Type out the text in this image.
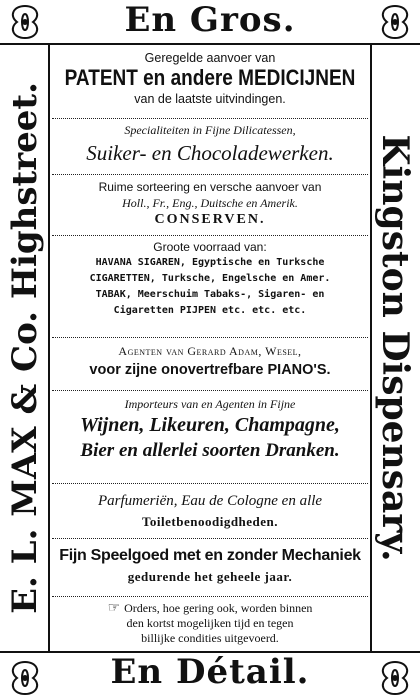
En Gros.
En Détail.
E. L. MAX & Co. Highstreet.	Kingston Dispensary.
Geregelde aanvoer van
PATENT en andere MEDICIJNEN
van de laatste uitvindingen.
Specialiteiten in Fijne Dilicatessen,
Suiker- en Chocoladewerken.
Ruime sorteering en versche aanvoer van
Holl., Fr., Eng., Duitsche en Amerik.
CONSERVEN.
Groote voorraad van:
HAVANA SIGAREN, Egyptische en Turksche
CIGARETTEN, Turksche, Engelsche en Amer.
TABAK, Meerschuim Tabaks-, Sigaren- en
Cigaretten PIJPEN etc. etc. etc.
Agenten van Gerard Adam, Wesel,
voor zijne onovertrefbare PIANO'S.
Importeurs van en Agenten in Fijne
Wijnen, Likeuren, Champagne,
Bier en allerlei soorten Dranken.
Parfumeriën, Eau de Cologne en alle
Toiletbenoodigdheden.
Fijn Speelgoed met en zonder Mechaniek
gedurende het geheele jaar.
☞ Orders, hoe gering ook, worden binnen
den kortst mogelijken tijd en tegen
billijke condities uitgevoerd.
